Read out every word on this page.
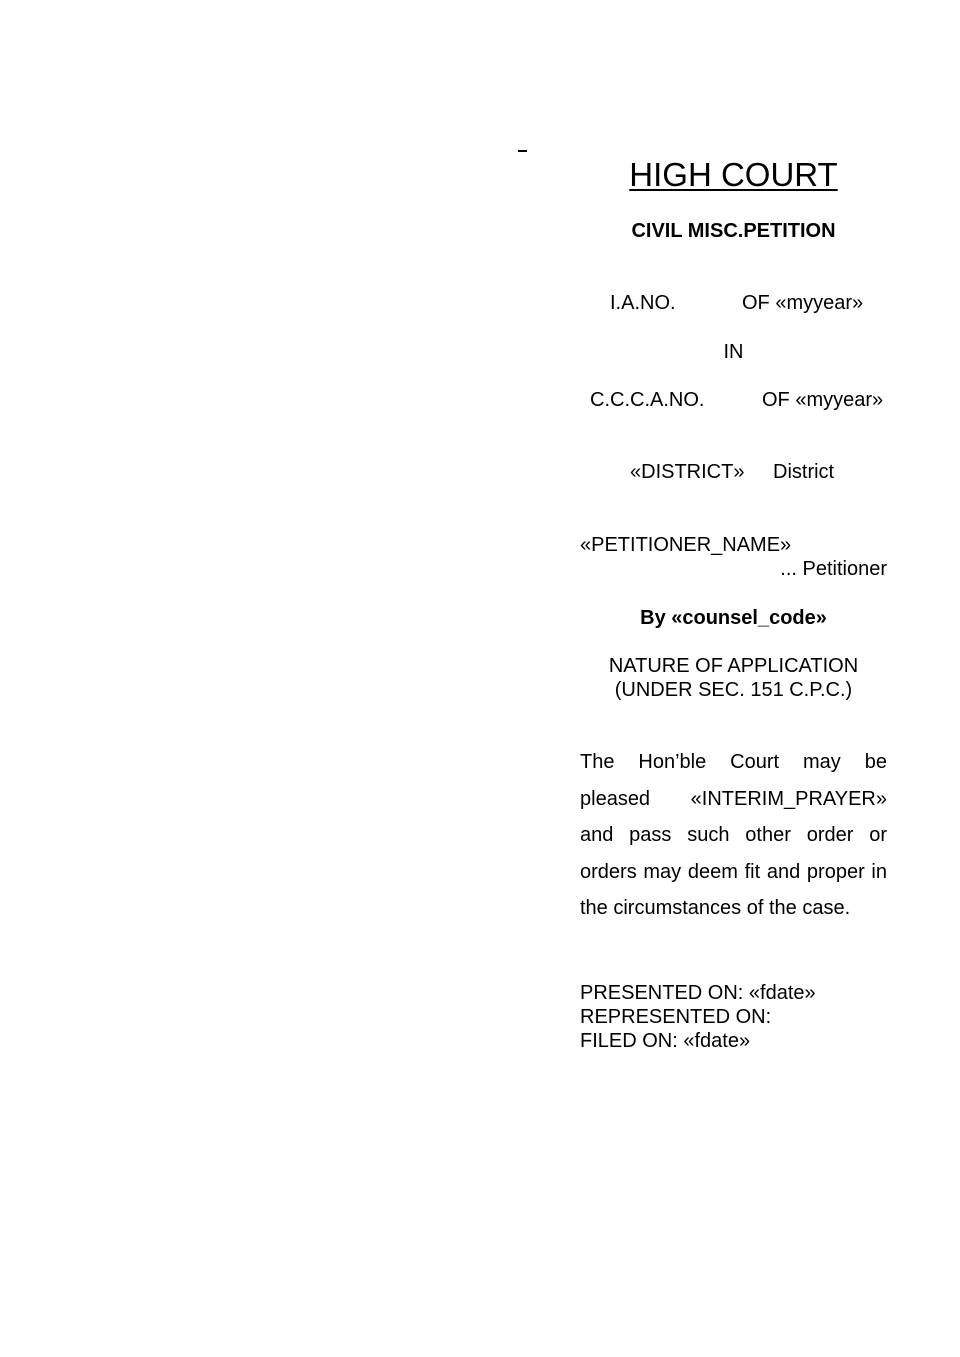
HIGH COURT
CIVIL MISC.PETITION
I.A.NO.	OF «myyear»
IN
C.C.C.A.NO.	OF «myyear»
«DISTRICT» District
«PETITIONER_NAME»
... Petitioner
By «counsel_code»
NATURE OF APPLICATION
(UNDER SEC. 151 C.P.C.)
The Hon’ble Court may be pleased «INTERIM_PRAYER» and pass such other order or orders may deem fit and proper in the circumstances of the case.
PRESENTED ON: «fdate»
REPRESENTED ON:
FILED ON: «fdate»
